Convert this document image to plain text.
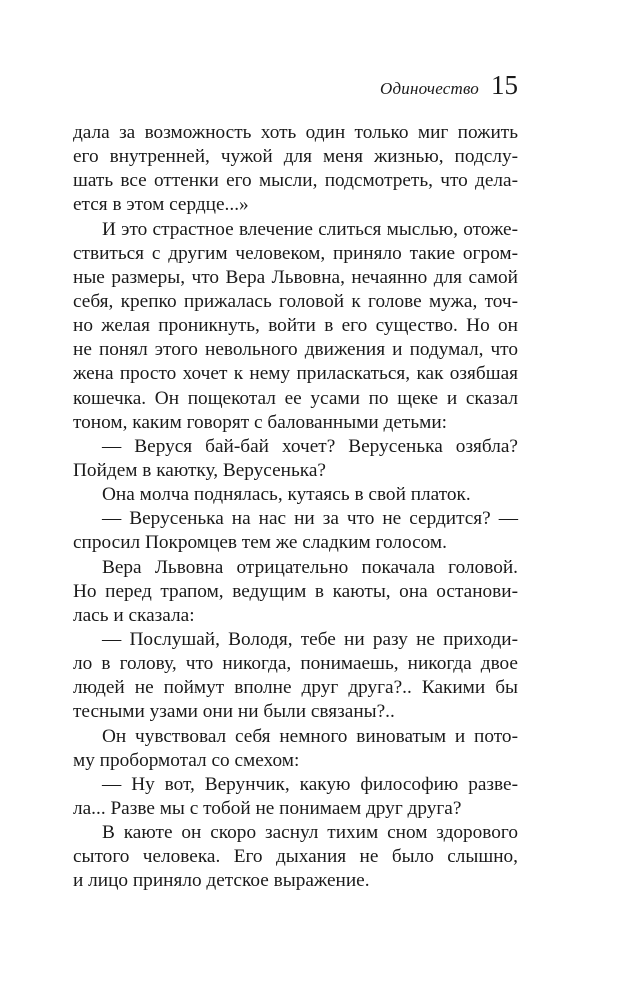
Одиночество 15
дала за возможность хоть один только миг пожить
его внутренней, чужой для меня жизнью, подслу-
шать все оттенки его мысли, подсмотреть, что дела-
ется в этом сердце...»
И это страстное влечение слиться мыслью, отоже-
ствиться с другим человеком, приняло такие огром-
ные размеры, что Вера Львовна, нечаянно для самой
себя, крепко прижалась головой к голове мужа, точ-
но желая проникнуть, войти в его существо. Но он
не понял этого невольного движения и подумал, что
жена просто хочет к нему приласкаться, как озябшая
кошечка. Он пощекотал ее усами по щеке и сказал
тоном, каким говорят с балованными детьми:
— Веруся бай-бай хочет? Верусенька озябла?
Пойдем в каютку, Верусенька?
Она молча поднялась, кутаясь в свой платок.
— Верусенька на нас ни за что не сердится? —
спросил Покромцев тем же сладким голосом.
Вера Львовна отрицательно покачала головой.
Но перед трапом, ведущим в каюты, она останови-
лась и сказала:
— Послушай, Володя, тебе ни разу не приходи-
ло в голову, что никогда, понимаешь, никогда двое
людей не поймут вполне друг друга?.. Какими бы
тесными узами они ни были связаны?..
Он чувствовал себя немного виноватым и пото-
му пробормотал со смехом:
— Ну вот, Верунчик, какую философию разве-
ла... Разве мы с тобой не понимаем друг друга?
В каюте он скоро заснул тихим сном здорового
сытого человека. Его дыхания не было слышно,
и лицо приняло детское выражение.
